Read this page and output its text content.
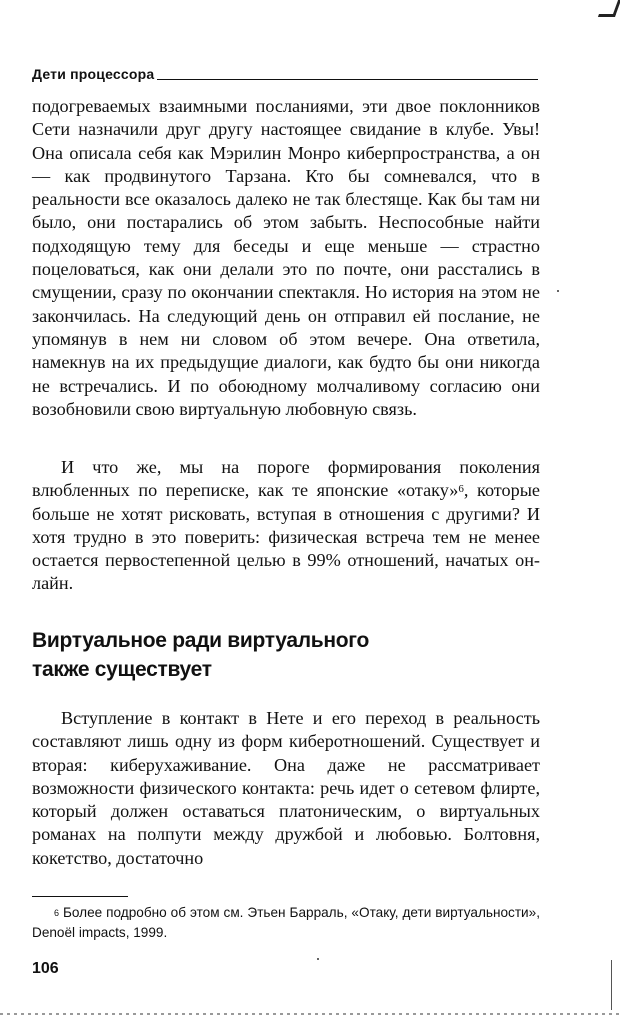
Дети процессора

подогреваемых взаимными посланиями, эти двое поклонников Сети назначили друг другу настоящее свидание в клубе. Увы! Она описала себя как Мэрилин Монро киберпространства, а он — как продвинутого Тарзана. Кто бы сомневался, что в реальности все оказалось далеко не так блестяще. Как бы там ни было, они постарались об этом забыть. Неспособные найти подходящую тему для беседы и еще меньше — страстно поцеловаться, как они делали это по почте, они расстались в смущении, сразу по окончании спектакля. Но история на этом не закончилась. На следующий день он отправил ей послание, не упомянув в нем ни словом об этом вечере. Она ответила, намекнув на их предыдущие диалоги, как будто бы они никогда не встречались. И по обоюдному молчаливому согласию они возобновили свою виртуальную любовную связь.

И что же, мы на пороге формирования поколения влюбленных по переписке, как те японские «отаку»$^6$, которые больше не хотят рисковать, вступая в отношения с другими? И хотя трудно в это поверить: физическая встреча тем не менее остается первостепенной целью в 99% отношений, начатых он-лайн.

Виртуальное ради виртуального
также существует

Вступление в контакт в Нете и его переход в реальность составляют лишь одну из форм киберотношений. Существует и вторая: киберухаживание. Она даже не рассматривает возможности физического контакта: речь идет о сетевом флирте, который должен оставаться платоническим, о виртуальных романах на полпути между дружбой и любовью. Болтовня, кокетство, достаточно

$^6$ Более подробно об этом см. Этьен Барраль, «Отаку, дети виртуальности», Denoël impacts, 1999.

106
